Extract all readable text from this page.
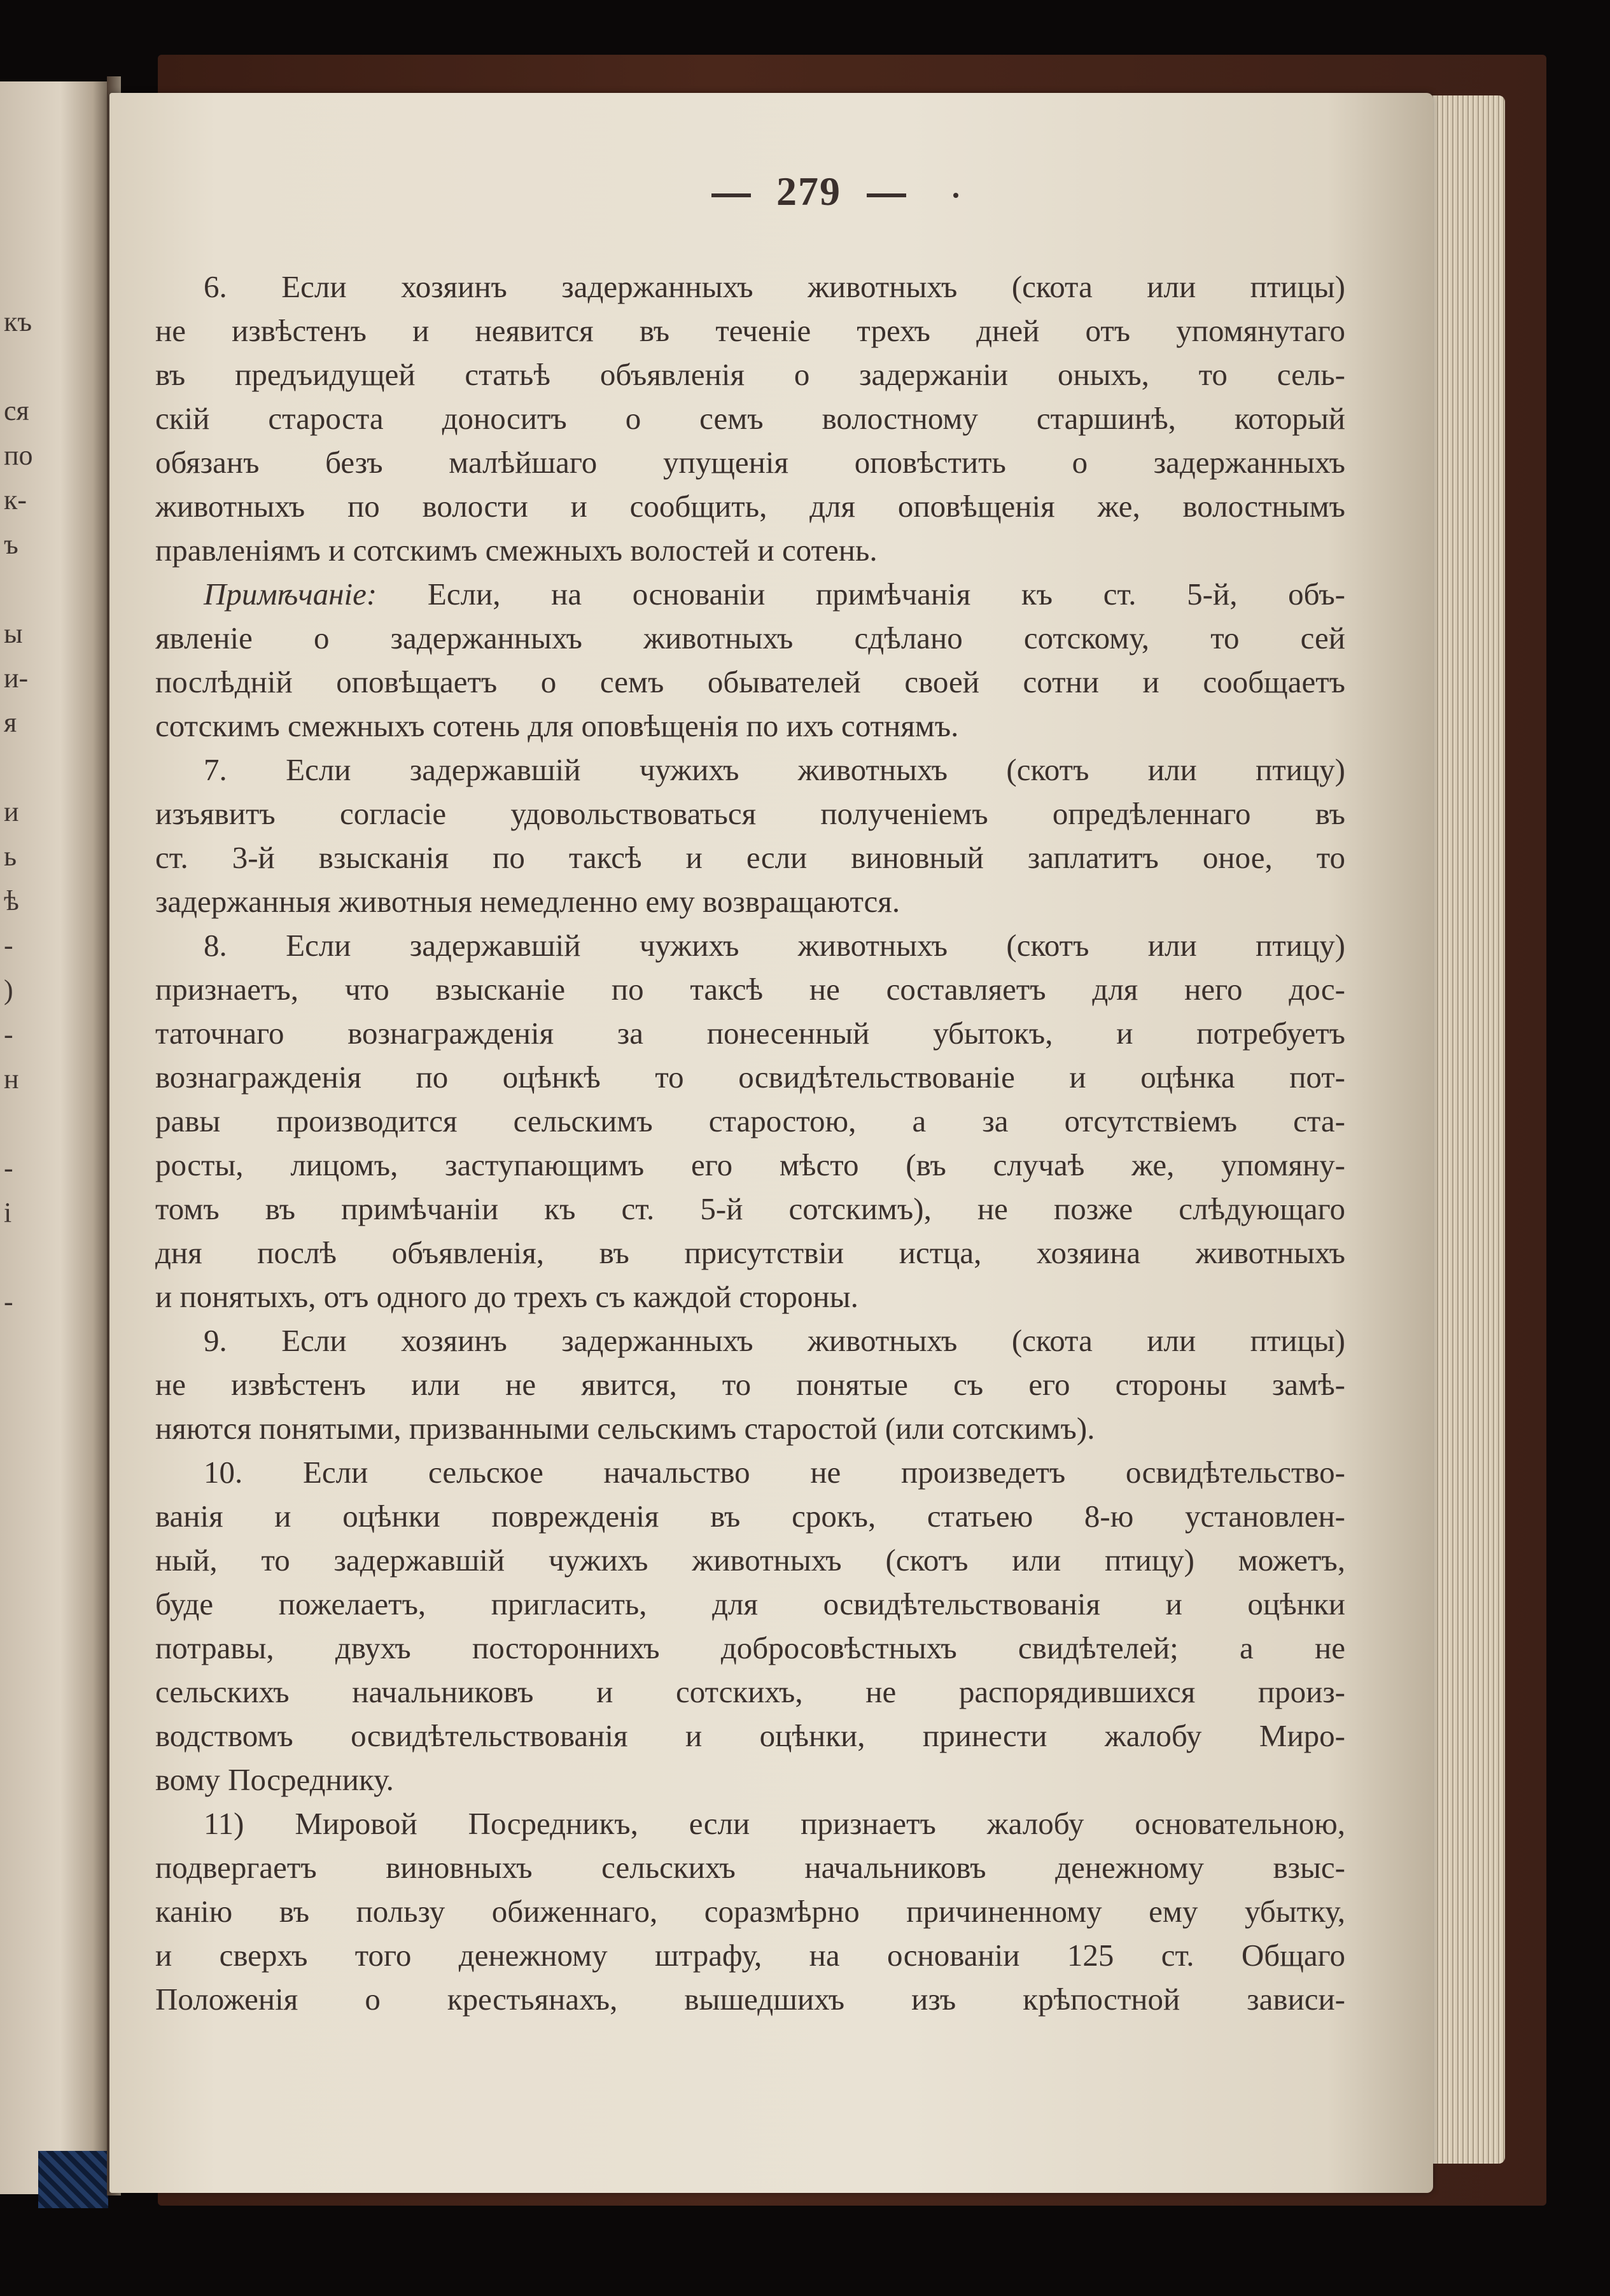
къ
ся
по
к-
ъ
ы
и-
я
и
ь
ѣ
-
)
-
н
-
і
-
279
6. Если хозяинъ задержанныхъ животныхъ (скота или птицы)
не извѣстенъ и неявится въ теченіе трехъ дней отъ упомянутаго
въ предъидущей статьѣ объявленія о задержаніи оныхъ, то сель-
скій староста доноситъ о семъ волостному старшинѣ, который
обязанъ безъ малѣйшаго упущенія оповѣстить о задержанныхъ
животныхъ по волости и сообщить, для оповѣщенія же, волостнымъ
правленіямъ и сотскимъ смежныхъ волостей и сотень.
Примѣчаніе: Если, на основаніи примѣчанія къ ст. 5-й, объ-
явленіе о задержанныхъ животныхъ сдѣлано сотскому, то сей
послѣдній оповѣщаетъ о семъ обывателей своей сотни и сообщаетъ
сотскимъ смежныхъ сотень для оповѣщенія по ихъ сотнямъ.
7. Если задержавшій чужихъ животныхъ (скотъ или птицу)
изъявитъ согласіе удовольствоваться полученіемъ опредѣленнаго въ
ст. 3-й взысканія по таксѣ и если виновный заплатитъ оное, то
задержанныя животныя немедленно ему возвращаются.
8. Если задержавшій чужихъ животныхъ (скотъ или птицу)
признаетъ, что взысканіе по таксѣ не составляетъ для него дос-
таточнаго вознагражденія за понесенный убытокъ, и потребуетъ
вознагражденія по оцѣнкѣ то освидѣтельствованіе и оцѣнка пот-
равы производится сельскимъ старостою, а за отсутствіемъ ста-
росты, лицомъ, заступающимъ его мѣсто (въ случаѣ же, упомяну-
томъ въ примѣчаніи къ ст. 5-й сотскимъ), не позже слѣдующаго
дня послѣ объявленія, въ присутствіи истца, хозяина животныхъ
и понятыхъ, отъ одного до трехъ съ каждой стороны.
9. Если хозяинъ задержанныхъ животныхъ (скота или птицы)
не извѣстенъ или не явится, то понятые съ его стороны замѣ-
няются понятыми, призванными сельскимъ старостой (или сотскимъ).
10. Если сельское начальство не произведетъ освидѣтельство-
ванія и оцѣнки поврежденія въ срокъ, статьею 8-ю установлен-
ный, то задержавшій чужихъ животныхъ (скотъ или птицу) можетъ,
буде пожелаетъ, пригласить, для освидѣтельствованія и оцѣнки
потравы, двухъ постороннихъ добросовѣстныхъ свидѣтелей; а не
сельскихъ начальниковъ и сотскихъ, не распорядившихся произ-
водствомъ освидѣтельствованія и оцѣнки, принести жалобу Миро-
вому Посреднику.
11) Мировой Посредникъ, если признаетъ жалобу основательною,
подвергаетъ виновныхъ сельскихъ начальниковъ денежному взыс-
канію въ пользу обиженнаго, соразмѣрно причиненному ему убытку,
и сверхъ того денежному штрафу, на основаніи 125 ст. Общаго
Положенія о крестьянахъ, вышедшихъ изъ крѣпостной зависи-
